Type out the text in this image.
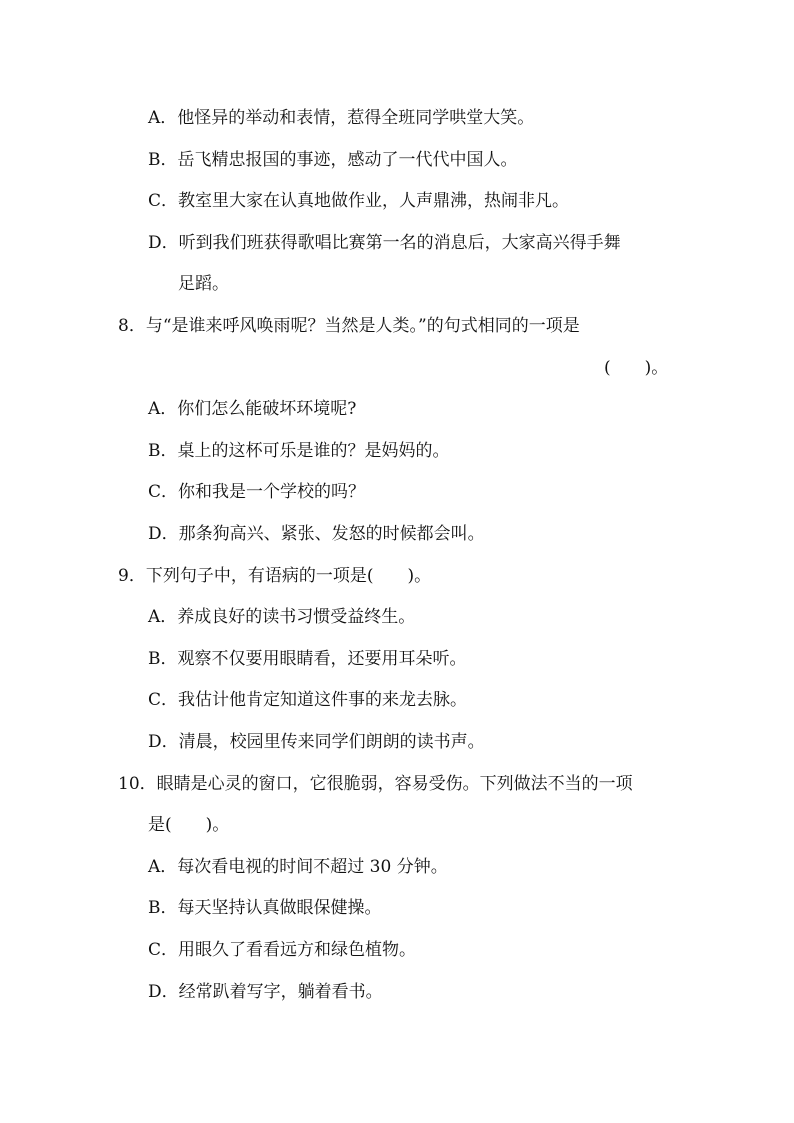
A．他怪异的举动和表情，惹得全班同学哄堂大笑。
B．岳飞精忠报国的事迹，感动了一代代中国人。
C．教室里大家在认真地做作业，人声鼎沸，热闹非凡。
D．听到我们班获得歌唱比赛第一名的消息后，大家高兴得手舞
足蹈。
8．与“是谁来呼风唤雨呢？当然是人类。”的句式相同的一项是
(　　)。
A．你们怎么能破坏环境呢?
B．桌上的这杯可乐是谁的？是妈妈的。
C．你和我是一个学校的吗？
D．那条狗高兴、紧张、发怒的时候都会叫。
9．下列句子中，有语病的一项是(　　)。
A．养成良好的读书习惯受益终生。
B．观察不仅要用眼睛看，还要用耳朵听。
C．我估计他肯定知道这件事的来龙去脉。
D．清晨，校园里传来同学们朗朗的读书声。
10．眼睛是心灵的窗口，它很脆弱，容易受伤。下列做法不当的一项
是(　　)。
A．每次看电视的时间不超过 30 分钟。
B．每天坚持认真做眼保健操。
C．用眼久了看看远方和绿色植物。
D．经常趴着写字，躺着看书。
